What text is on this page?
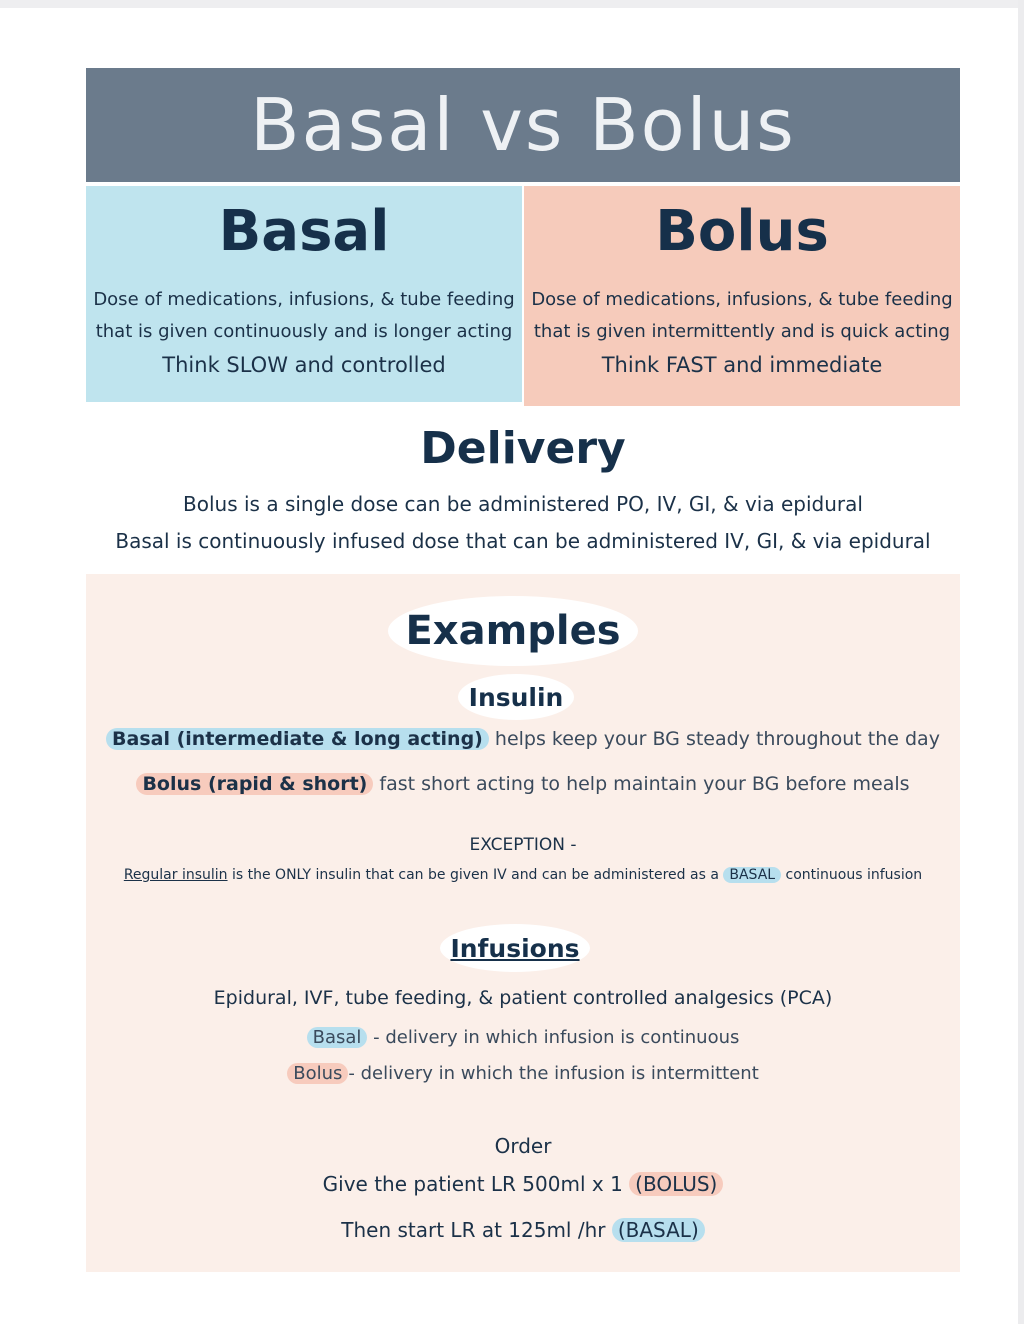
Basal vs Bolus
Basal
Dose of medications, infusions, & tube feeding
that is given continuously and is longer acting
Think SLOW and controlled
Bolus
Dose of medications, infusions, & tube feeding
that is given intermittently and is quick acting
Think FAST and immediate
Delivery

Bolus is a single dose can be administered PO, IV, GI, & via epidural

Basal is continuously infused dose that can be administered IV, GI, & via epidural

Examples
Insulin
Basal (intermediate & long acting) helps keep your BG steady throughout the day
Bolus (rapid & short) fast short acting to help maintain your BG before meals
EXCEPTION -
Regular insulin is the ONLY insulin that can be given IV and can be administered as a BASAL continuous infusion
Infusions
Epidural, IVF, tube feeding, & patient controlled analgesics (PCA)
Basal - delivery in which infusion is continuous
Bolus - delivery in which the infusion is intermittent
Order
Give the patient LR 500ml x 1 (BOLUS)
Then start LR at 125ml /hr (BASAL)
